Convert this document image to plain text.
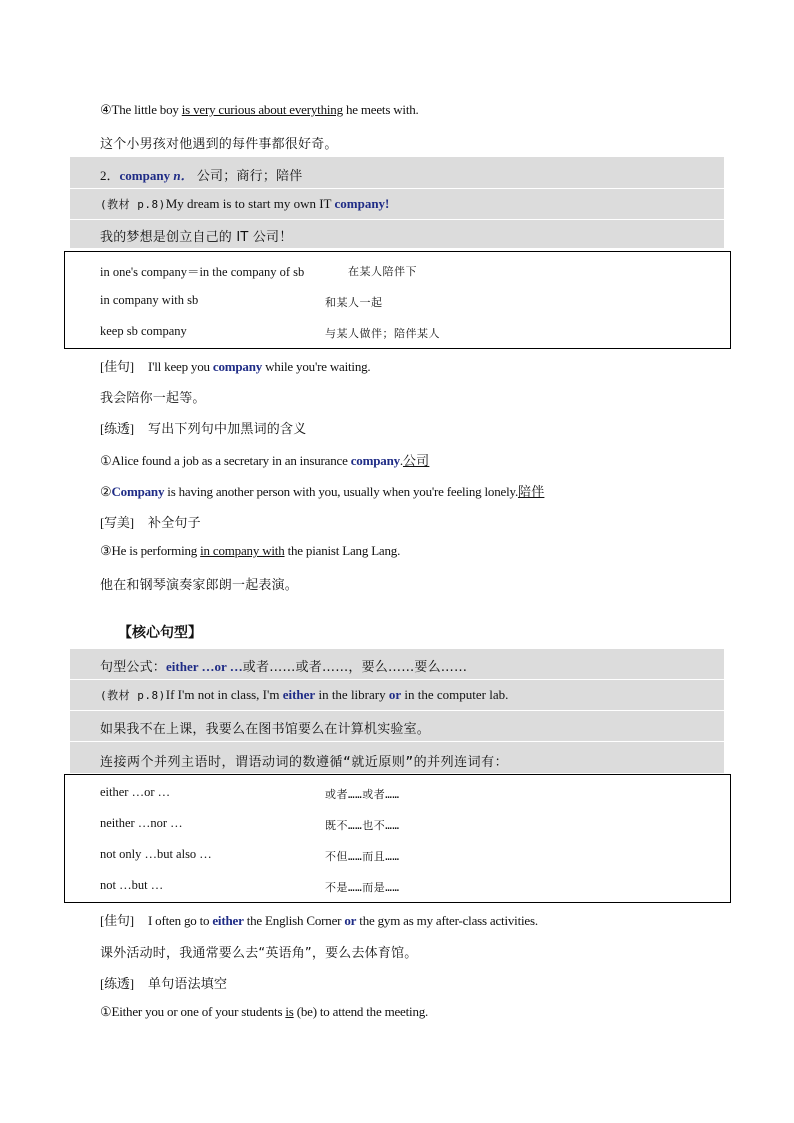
④The little boy is very curious about everything he meets with.
这个小男孩对他遇到的每件事都很好奇。
2．company n． 公司；商行；陪伴
(教材 p.8)My dream is to start my own IT company!
我的梦想是创立自己的 IT 公司！
in one's company＝in the company of sb	在某人陪伴下
in company with sb	和某人一起
keep sb company	与某人做伴；陪伴某人
[佳句] I'll keep you company while you're waiting.
我会陪你一起等。
[练透] 写出下列句中加黑词的含义
①Alice found a job as a secretary in an insurance company.公司
②Company is having another person with you, usually when you're feeling lonely.陪伴
[写美] 补全句子
③He is performing in company with the pianist Lang Lang.
他在和钢琴演奏家郎朗一起表演。
【核心句型】
句型公式：either …or …或者……或者……，要么……要么……
(教材 p.8)If I'm not in class, I'm either in the library or in the computer lab.
如果我不在上课，我要么在图书馆要么在计算机实验室。
连接两个并列主语时，谓语动词的数遵循“就近原则”的并列连词有：
either …or …	或者……或者……
neither …nor …	既不……也不……
not only …but also …	不但……而且……
not …but …	不是……而是……
[佳句] I often go to either the English Corner or the gym as my after-class activities.
课外活动时，我通常要么去“英语角”，要么去体育馆。
[练透] 单句语法填空
①Either you or one of your students is (be) to attend the meeting.
